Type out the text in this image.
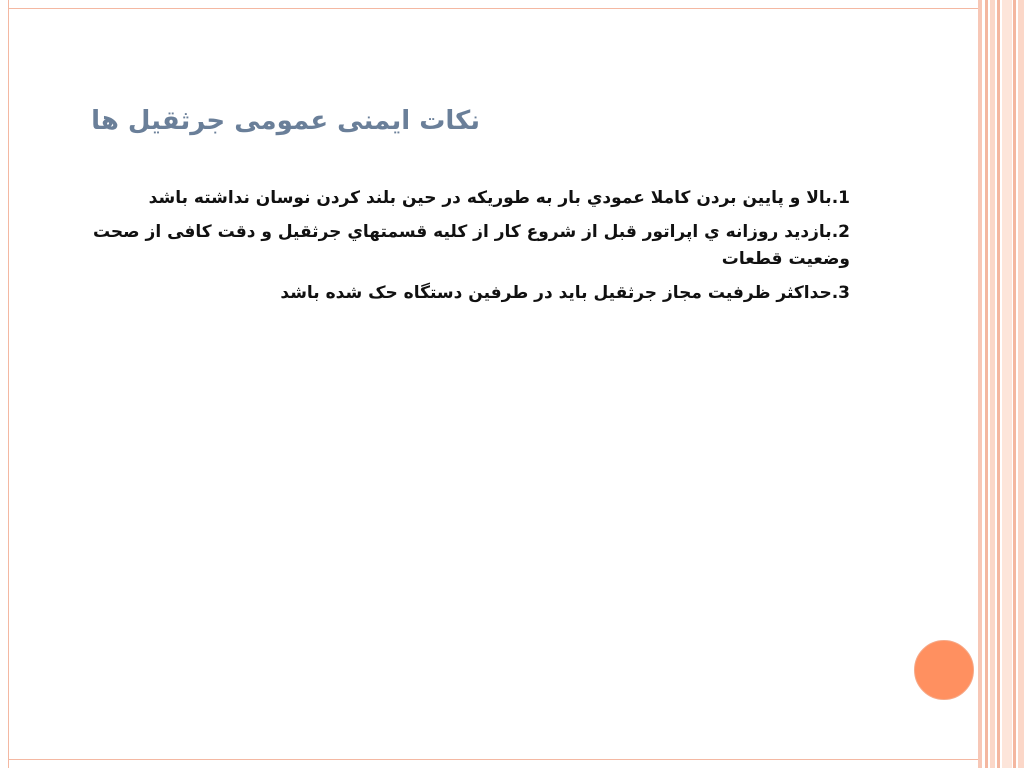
نکات ایمنی عمومی جرثقیل ها

1.بالا و پايين بردن کاملا عمودي بار به طوريکه در حين بلند کردن نوسان نداشته باشد

2.بازديد روزانه ي اپراتور قبل از شروع کار از کليه قسمتهاي جرثقيل و دقت کافی از صحت وضعيت قطعات

3.حداکثر ظرفيت مجاز جرثقيل بايد در طرفين دستگاه حک شده باشد
